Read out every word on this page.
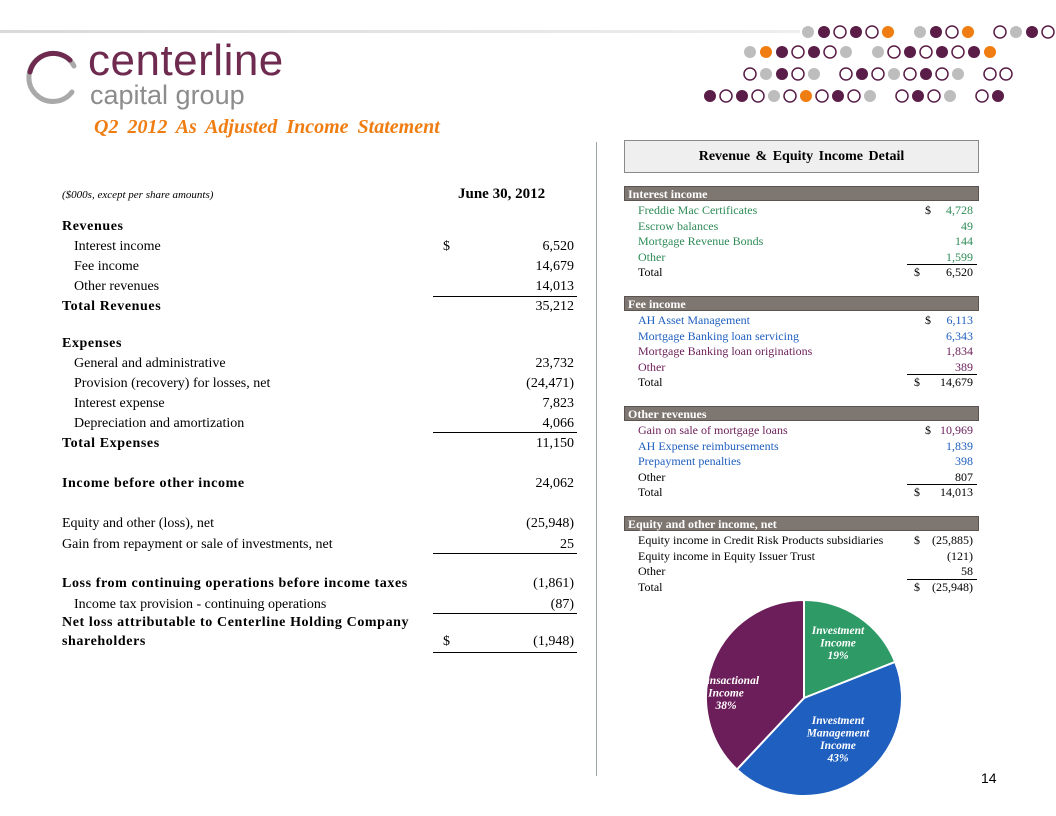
centerline
capital group
Q2 2012 As Adjusted Income Statement
($000s, except per share amounts)	June 30, 2012
Revenues
Interest income	$	6,520
Fee income	14,679
Other revenues	14,013
Total Revenues	35,212
Expenses
General and administrative	23,732
Provision (recovery) for losses, net	(24,471)
Interest expense	7,823
Depreciation and amortization	4,066
Total Expenses	11,150
Income before other income	24,062
Equity and other (loss), net	(25,948)
Gain from repayment or sale of investments, net	25
Loss from continuing operations before income taxes	(1,861)
Income tax provision - continuing operations	(87)
Net loss attributable to Centerline Holding Company
shareholders	$	(1,948)
Revenue & Equity Income Detail
Interest income
Freddie Mac Certificates	$ 4,728
Escrow balances	49
Mortgage Revenue Bonds	144
Other	1,599
Total	$ 6,520
Fee income
AH Asset Management	$ 6,113
Mortgage Banking loan servicing	6,343
Mortgage Banking loan originations	1,834
Other	389
Total	$ 14,679
Other revenues
Gain on sale of mortgage loans	$ 10,969
AH Expense reimbursements	1,839
Prepayment penalties	398
Other	807
Total	$ 14,013
Equity and other income, net
Equity income in Credit Risk Products subsidiaries	$ (25,885)
Equity income in Equity Issuer Trust	(121)
Other	58
Total	$ (25,948)
Investment
Income
19%
Investment
Management
Income
43%
Transactional
Income
38%
14
